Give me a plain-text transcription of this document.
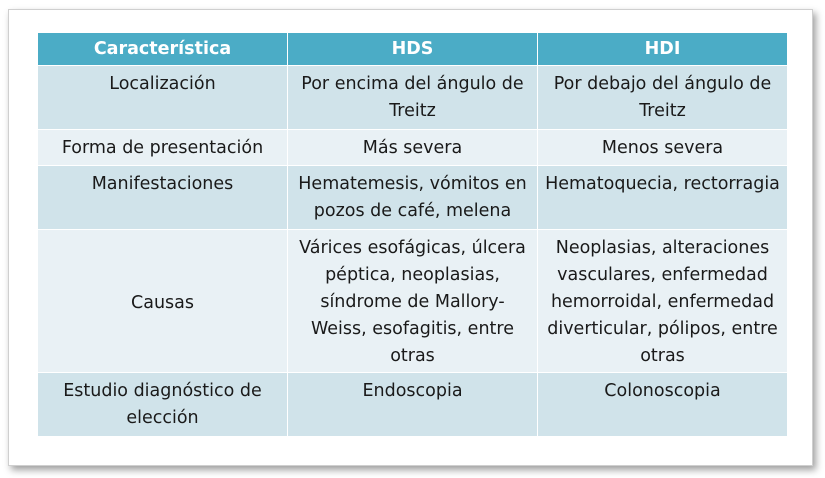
Característica	HDS	HDI
Localización	Por encima del ángulo de Treitz	Por debajo del ángulo de Treitz
Forma de presentación	Más severa	Menos severa
Manifestaciones	Hematemesis, vómitos en pozos de café, melena	Hematoquecia, rectorragia
Causas	Várices esofágicas, úlcera péptica, neoplasias, síndrome de Mallory-Weiss, esofagitis, entre otras	Neoplasias, alteraciones vasculares, enfermedad hemorroidal, enfermedad diverticular, pólipos, entre otras
Estudio diagnóstico de elección	Endoscopia	Colonoscopia
